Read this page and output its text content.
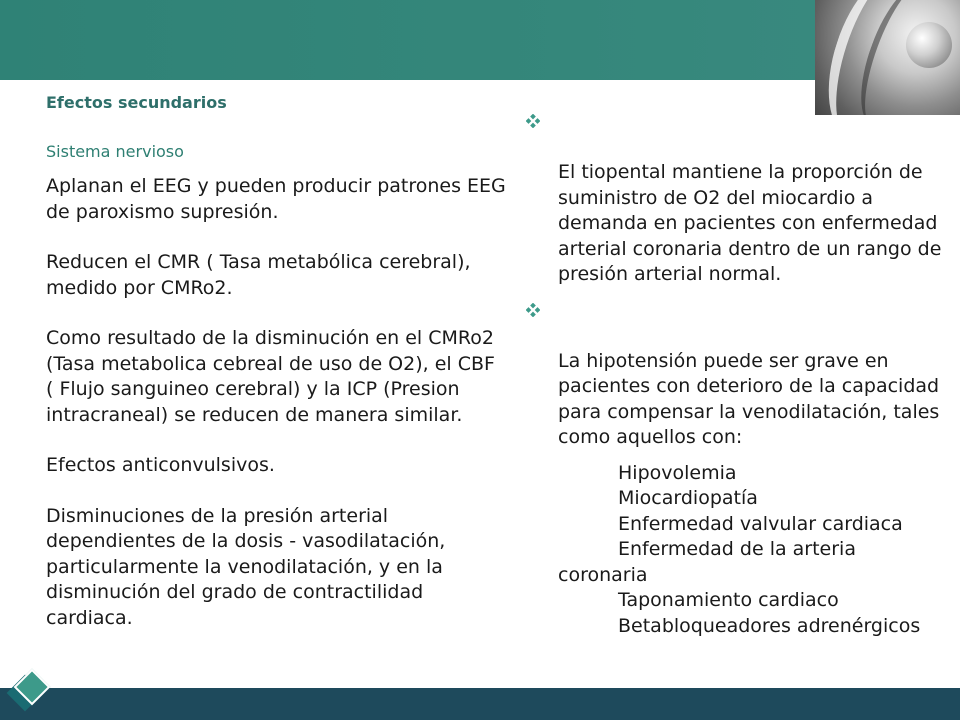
Efectos secundarios
Sistema nervioso
Aplanan el EEG y pueden producir patrones EEG de paroxismo supresión.
Reducen el CMR ( Tasa metabólica cerebral), medido por CMRo2.
Como resultado de la disminución en el CMRo2 (Tasa metabolica cebreal de uso de O2), el CBF ( Flujo sanguineo cerebral) y la ICP (Presion intracraneal) se reducen de manera similar.
Efectos anticonvulsivos.
Disminuciones de la presión arterial dependientes de la dosis - vasodilatación, particularmente la venodilatación, y en la disminución del grado de contractilidad cardiaca.

El tiopental mantiene la proporción de suministro de O2 del miocardio a demanda en pacientes con enfermedad arterial coronaria dentro de un rango de presión arterial normal.

La hipotensión puede ser grave en pacientes con deterioro de la capacidad para compensar la venodilatación, tales como aquellos con:

Hipovolemia
Miocardiopatía
Enfermedad valvular cardiaca
Enfermedad de la arteria coronaria
Taponamiento cardiaco
Betabloqueadores adrenérgicos
